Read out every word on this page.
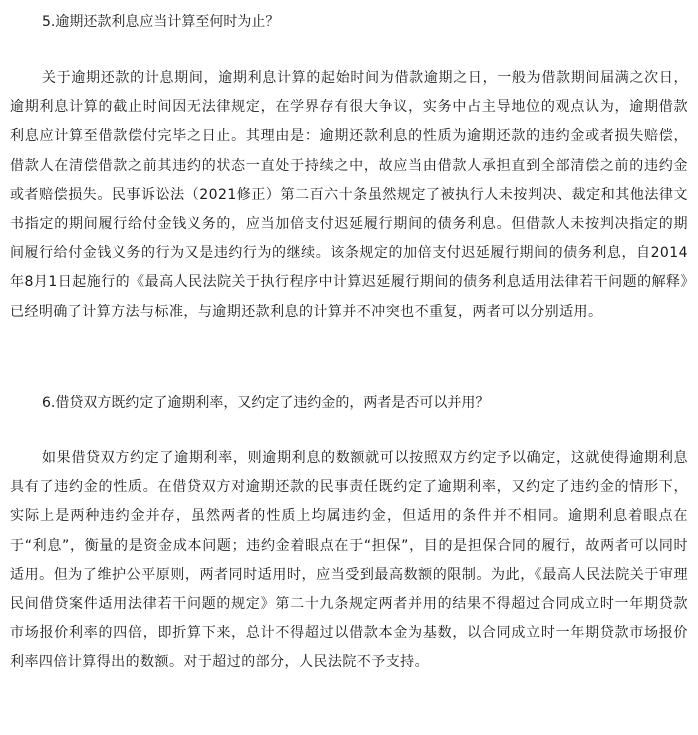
5.逾期还款利息应当计算至何时为止？

关于逾期还款的计息期间，逾期利息计算的起始时间为借款逾期之日，一般为借款期间届满之次日，逾期利息计算的截止时间因无法律规定，在学界存有很大争议，实务中占主导地位的观点认为，逾期借款利息应计算至借款偿付完毕之日止。其理由是：逾期还款利息的性质为逾期还款的违约金或者损失赔偿，借款人在清偿借款之前其违约的状态一直处于持续之中，故应当由借款人承担直到全部清偿之前的违约金或者赔偿损失。民事诉讼法（2021修正）第二百六十条虽然规定了被执行人未按判决、裁定和其他法律文书指定的期间履行给付金钱义务的，应当加倍支付迟延履行期间的债务利息。但借款人未按判决指定的期间履行给付金钱义务的行为又是违约行为的继续。该条规定的加倍支付迟延履行期间的债务利息，自2014年8月1日起施行的《最高人民法院关于执行程序中计算迟延履行期间的债务利息适用法律若干问题的解释》已经明确了计算方法与标准，与逾期还款利息的计算并不冲突也不重复，两者可以分别适用。

6.借贷双方既约定了逾期利率，又约定了违约金的，两者是否可以并用？

如果借贷双方约定了逾期利率，则逾期利息的数额就可以按照双方约定予以确定，这就使得逾期利息具有了违约金的性质。在借贷双方对逾期还款的民事责任既约定了逾期利率，又约定了违约金的情形下，实际上是两种违约金并存，虽然两者的性质上均属违约金，但适用的条件并不相同。逾期利息着眼点在于“利息”，衡量的是资金成本问题；违约金着眼点在于“担保”，目的是担保合同的履行，故两者可以同时适用。但为了维护公平原则，两者同时适用时，应当受到最高数额的限制。为此，《最高人民法院关于审理民间借贷案件适用法律若干问题的规定》第二十九条规定两者并用的结果不得超过合同成立时一年期贷款市场报价利率的四倍，即折算下来，总计不得超过以借款本金为基数，以合同成立时一年期贷款市场报价利率四倍计算得出的数额。对于超过的部分，人民法院不予支持。
